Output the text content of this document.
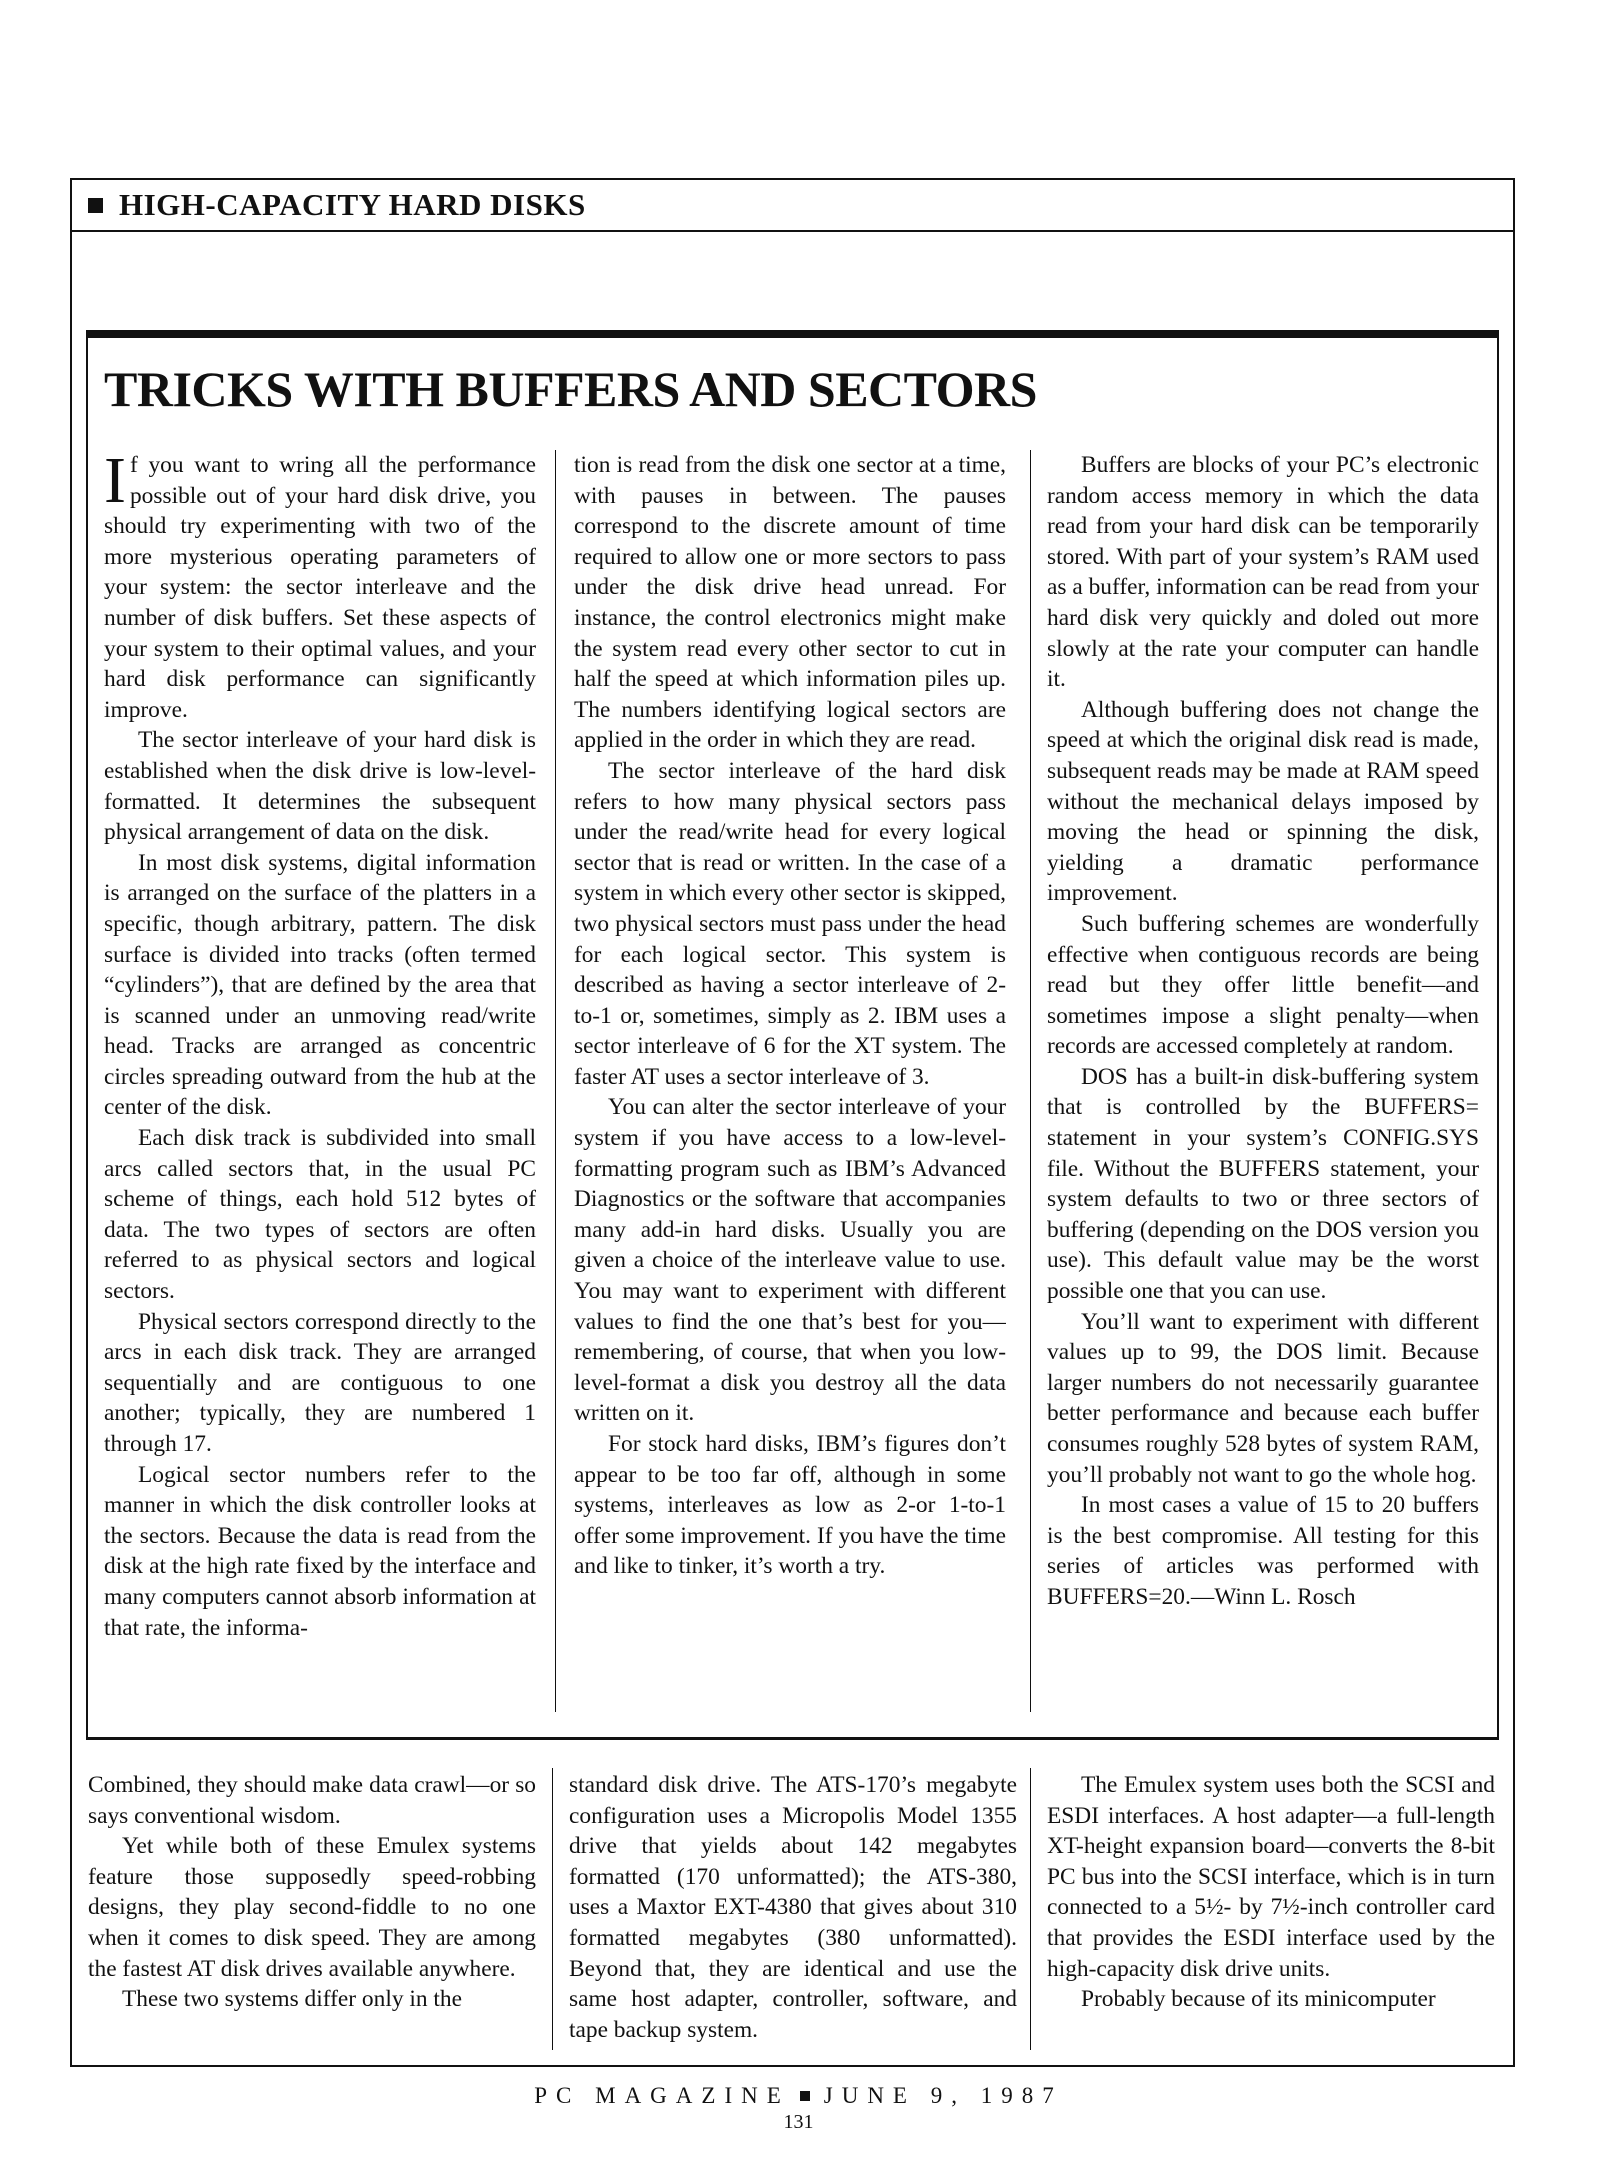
HIGH-CAPACITY HARD DISKS
TRICKS WITH BUFFERS AND SECTORS

If you want to wring all the performance possible out of your hard disk drive, you should try experimenting with two of the more mysterious operating parameters of your system: the sector interleave and the number of disk buffers. Set these aspects of your system to their optimal values, and your hard disk performance can significantly improve.

The sector interleave of your hard disk is established when the disk drive is low-level-formatted. It determines the subsequent physical arrangement of data on the disk.

In most disk systems, digital information is arranged on the surface of the platters in a specific, though arbitrary, pattern. The disk surface is divided into tracks (often termed “cylinders”), that are defined by the area that is scanned under an unmoving read/write head. Tracks are arranged as concentric circles spreading outward from the hub at the center of the disk.

Each disk track is subdivided into small arcs called sectors that, in the usual PC scheme of things, each hold 512 bytes of data. The two types of sectors are often referred to as physical sectors and logical sectors.

Physical sectors correspond directly to the arcs in each disk track. They are arranged sequentially and are contiguous to one another; typically, they are numbered 1 through 17.

Logical sector numbers refer to the manner in which the disk controller looks at the sectors. Because the data is read from the disk at the high rate fixed by the interface and many computers cannot absorb information at that rate, the informa-

tion is read from the disk one sector at a time, with pauses in between. The pauses correspond to the discrete amount of time required to allow one or more sectors to pass under the disk drive head unread. For instance, the control electronics might make the system read every other sector to cut in half the speed at which information piles up. The numbers identifying logical sectors are applied in the order in which they are read.

The sector interleave of the hard disk refers to how many physical sectors pass under the read/write head for every logical sector that is read or written. In the case of a system in which every other sector is skipped, two physical sectors must pass under the head for each logical sector. This system is described as having a sector interleave of 2-to-1 or, sometimes, simply as 2. IBM uses a sector interleave of 6 for the XT system. The faster AT uses a sector interleave of 3.

You can alter the sector interleave of your system if you have access to a low-level-formatting program such as IBM’s Advanced Diagnostics or the software that accompanies many add-in hard disks. Usually you are given a choice of the interleave value to use. You may want to experiment with different values to find the one that’s best for you—remembering, of course, that when you low-level-format a disk you destroy all the data written on it.

For stock hard disks, IBM’s figures don’t appear to be too far off, although in some systems, interleaves as low as 2-or 1-to-1 offer some improvement. If you have the time and like to tinker, it’s worth a try.

Buffers are blocks of your PC’s electronic random access memory in which the data read from your hard disk can be temporarily stored. With part of your system’s RAM used as a buffer, information can be read from your hard disk very quickly and doled out more slowly at the rate your computer can handle it.

Although buffering does not change the speed at which the original disk read is made, subsequent reads may be made at RAM speed without the mechanical delays imposed by moving the head or spinning the disk, yielding a dramatic performance improvement.

Such buffering schemes are wonderfully effective when contiguous records are being read but they offer little benefit—and sometimes impose a slight penalty—when records are accessed completely at random.

DOS has a built-in disk-buffering system that is controlled by the BUFFERS= statement in your system’s CONFIG.SYS file. Without the BUFFERS statement, your system defaults to two or three sectors of buffering (depending on the DOS version you use). This default value may be the worst possible one that you can use.

You’ll want to experiment with different values up to 99, the DOS limit. Because larger numbers do not necessarily guarantee better performance and because each buffer consumes roughly 528 bytes of system RAM, you’ll probably not want to go the whole hog.

In most cases a value of 15 to 20 buffers is the best compromise. All testing for this series of articles was performed with BUFFERS=20.—Winn L. Rosch

Combined, they should make data crawl—or so says conventional wisdom.

Yet while both of these Emulex systems feature those supposedly speed-robbing designs, they play second-fiddle to no one when it comes to disk speed. They are among the fastest AT disk drives available anywhere.

These two systems differ only in the

standard disk drive. The ATS-170’s megabyte configuration uses a Micropolis Model 1355 drive that yields about 142 megabytes formatted (170 unformatted); the ATS-380, uses a Maxtor EXT-4380 that gives about 310 formatted megabytes (380 unformatted). Beyond that, they are identical and use the same host adapter, controller, software, and tape backup system.

The Emulex system uses both the SCSI and ESDI interfaces. A host adapter—a full-length XT-height expansion board—converts the 8-bit PC bus into the SCSI interface, which is in turn connected to a 5½- by 7½-inch controller card that provides the ESDI interface used by the high-capacity disk drive units.

Probably because of its minicomputer

PC MAGAZINE JUNE 9, 1987
131
